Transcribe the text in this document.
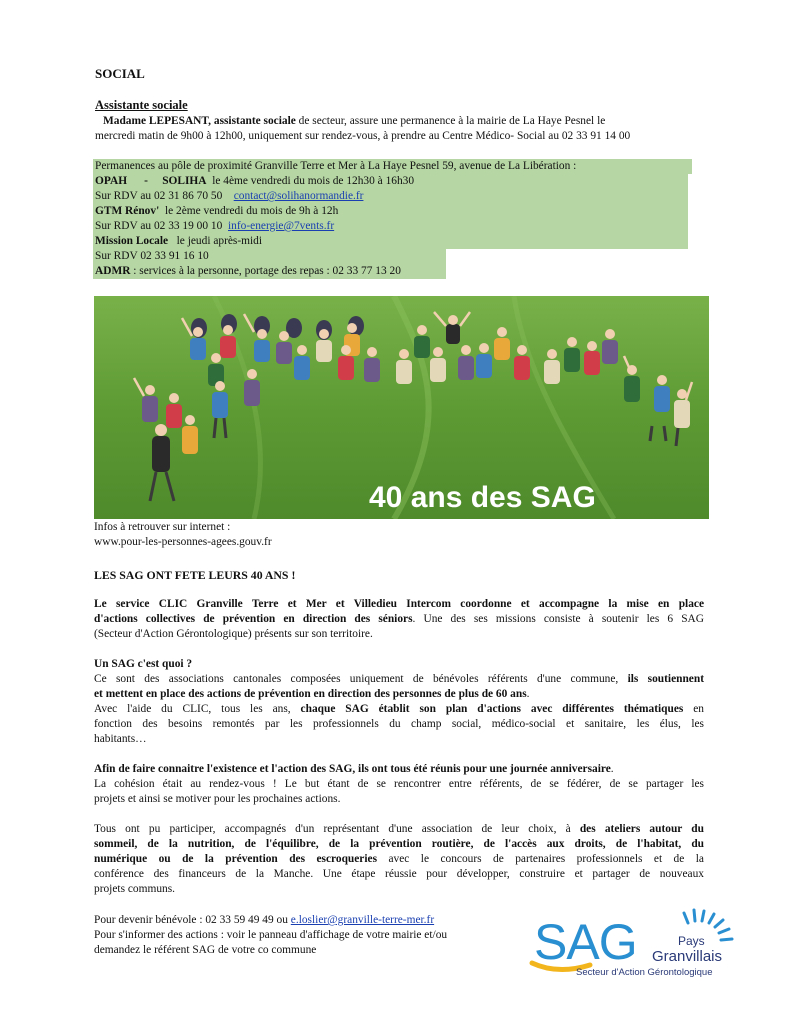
SOCIAL
Assistante sociale
Madame LEPESANT, assistante sociale de secteur, assure une permanence à la mairie de La Haye Pesnel le
mercredi matin de 9h00 à 12h00, uniquement sur rendez-vous, à prendre au Centre Médico- Social au 02 33 91 14 00
Permanences au pôle de proximité Granville Terre et Mer à La Haye Pesnel 59, avenue de La Libération :
OPAH - SOLIHA le 4ème vendredi du mois de 12h30 à 16h30
Sur RDV au 02 31 86 70 50 contact@solihanormandie.fr
GTM Rénov' le 2ème vendredi du mois de 9h à 12h
Sur RDV au 02 33 19 00 10 info-energie@7vents.fr
Mission Locale le jeudi après-midi
Sur RDV 02 33 91 16 10
ADMR : services à la personne, portage des repas : 02 33 77 13 20
40 ans des SAG
Infos à retrouver sur internet :
www.pour-les-personnes-agees.gouv.fr
LES SAG ONT FETE LEURS 40 ANS !
Le service CLIC Granville Terre et Mer et Villedieu Intercom coordonne et accompagne la mise en place
d'actions collectives de prévention en direction des séniors. Une des ses missions consiste à soutenir les 6 SAG
(Secteur d'Action Gérontologique) présents sur son territoire.
Un SAG c'est quoi ?
Ce sont des associations cantonales composées uniquement de bénévoles référents d'une commune, ils soutiennent
et mettent en place des actions de prévention en direction des personnes de plus de 60 ans.
Avec l'aide du CLIC, tous les ans, chaque SAG établit son plan d'actions avec différentes thématiques en
fonction des besoins remontés par les professionnels du champ social, médico-social et sanitaire, les élus, les
habitants…
Afin de faire connaitre l'existence et l'action des SAG, ils ont tous été réunis pour une journée anniversaire.
La cohésion était au rendez-vous ! Le but étant de se rencontrer entre référents, de se fédérer, de se partager les
projets et ainsi se motiver pour les prochaines actions.
Tous ont pu participer, accompagnés d'un représentant d'une association de leur choix, à des ateliers autour du
sommeil, de la nutrition, de l'équilibre, de la prévention routière, de l'accès aux droits, de l'habitat, du
numérique ou de la prévention des escroqueries avec le concours de partenaires professionnels et de la
conférence des financeurs de la Manche. Une étape réussie pour développer, construire et partager de nouveaux
projets communs.
Pour devenir bénévole : 02 33 59 49 49 ou e.loslier@granville-terre-mer.fr
Pour s'informer des actions : voir le panneau d'affichage de votre mairie et/ou
demandez le référent SAG de votre co commune	SAG	Pays
Granvillais
Secteur d'Action Gérontologique
